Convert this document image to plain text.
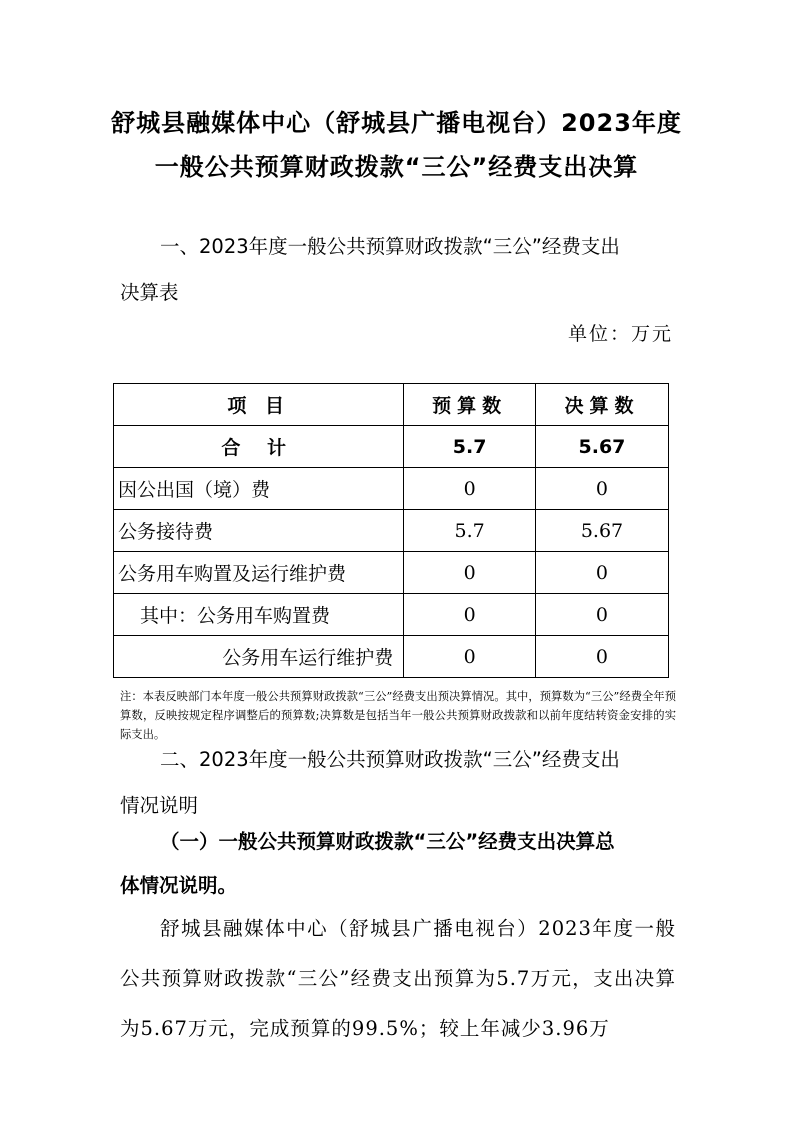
舒城县融媒体中心（舒城县广播电视台）2023年度
一般公共预算财政拨款“三公”经费支出决算
一、2023年度一般公共预算财政拨款“三公”经费支出
决算表
单位：万元
项 目	预算数	决算数
合 计	5.7	5.67
因公出国（境）费	0	0
公务接待费	5.7	5.67
公务用车购置及运行维护费	0	0
其中：公务用车购置费	0	0
公务用车运行维护费	0	0
注：本表反映部门本年度一般公共预算财政拨款“三公”经费支出预决算情况。其中，预算数为“三公”经费全年预算数，反映按规定程序调整后的预算数;决算数是包括当年一般公共预算财政拨款和以前年度结转资金安排的实际支出。
二、2023年度一般公共预算财政拨款“三公”经费支出
情况说明
（一）一般公共预算财政拨款“三公”经费支出决算总
体情况说明。
舒城县融媒体中心（舒城县广播电视台）2023年度一般公共预算财政拨款“三公”经费支出预算为5.7万元，支出决算为5.67万元，完成预算的99.5%；较上年减少3.96万
